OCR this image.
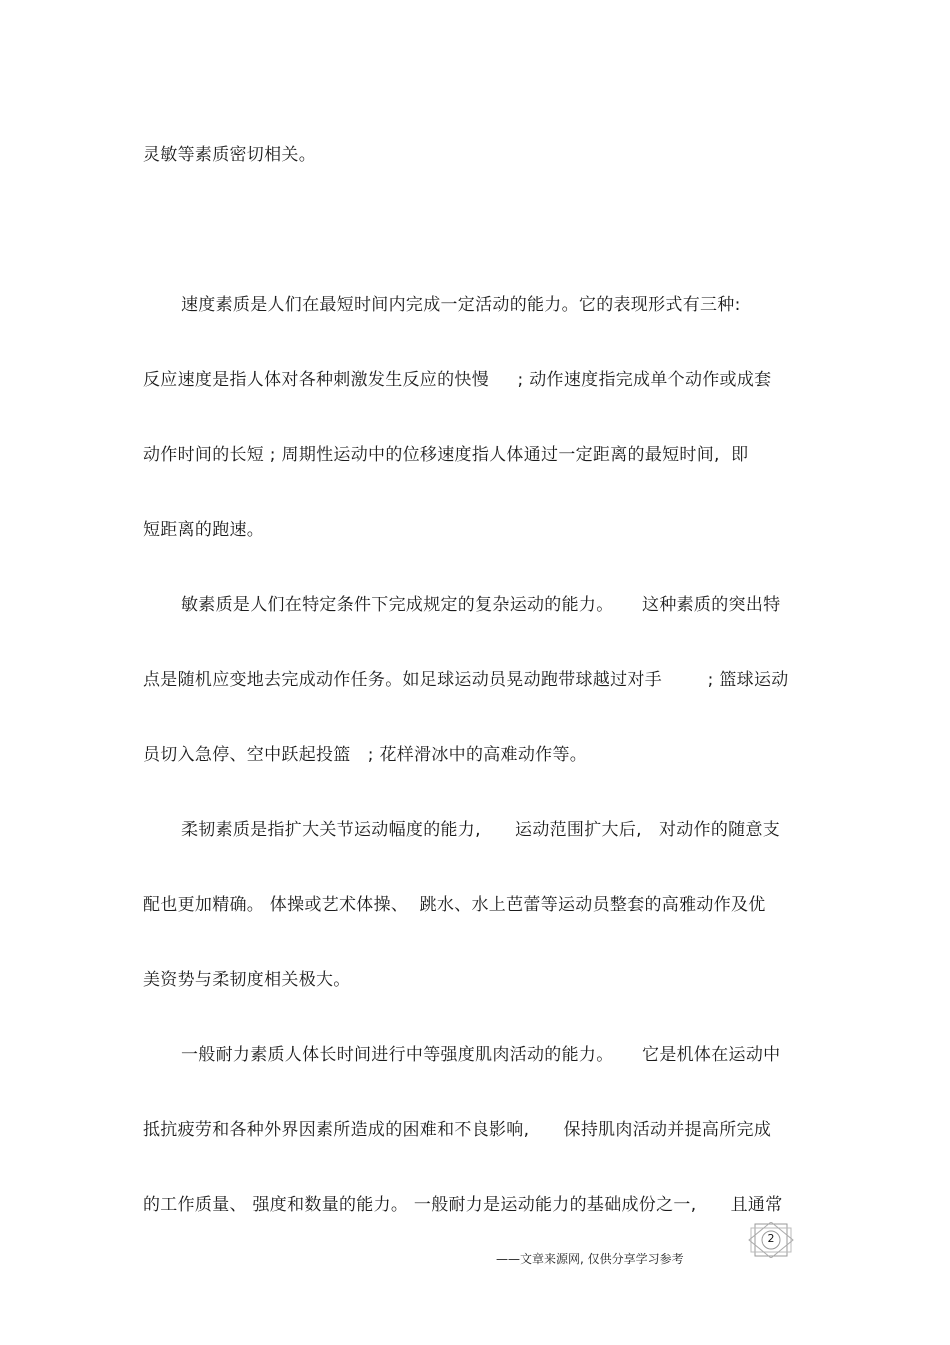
灵敏等素质密切相关。
速度素质是人们在最短时间内完成一定活动的能力。它的表现形式有三种:
反应速度是指人体对各种刺激发生反应的快慢     ; 动作速度指完成单个动作或成套
动作时间的长短 ; 周期性运动中的位移速度指人体通过一定距离的最短时间,  即
短距离的跑速。
敏素质是人们在特定条件下完成规定的复杂运动的能力。     这种素质的突出特
点是随机应变地去完成动作任务。如足球运动员晃动跑带球越过对手        ; 篮球运动
员切入急停、空中跃起投篮   ; 花样滑冰中的高难动作等。
柔韧素质是指扩大关节运动幅度的能力,      运动范围扩大后,   对动作的随意支
配也更加精确。 体操或艺术体操、  跳水、水上芭蕾等运动员整套的高雅动作及优
美资势与柔韧度相关极大。
一般耐力素质人体长时间进行中等强度肌肉活动的能力。     它是机体在运动中
抵抗疲劳和各种外界因素所造成的困难和不良影响,      保持肌肉活动并提高所完成
的工作质量、 强度和数量的能力。 一般耐力是运动能力的基础成份之一,      且通常
2
——文章来源网, 仅供分享学习参考
